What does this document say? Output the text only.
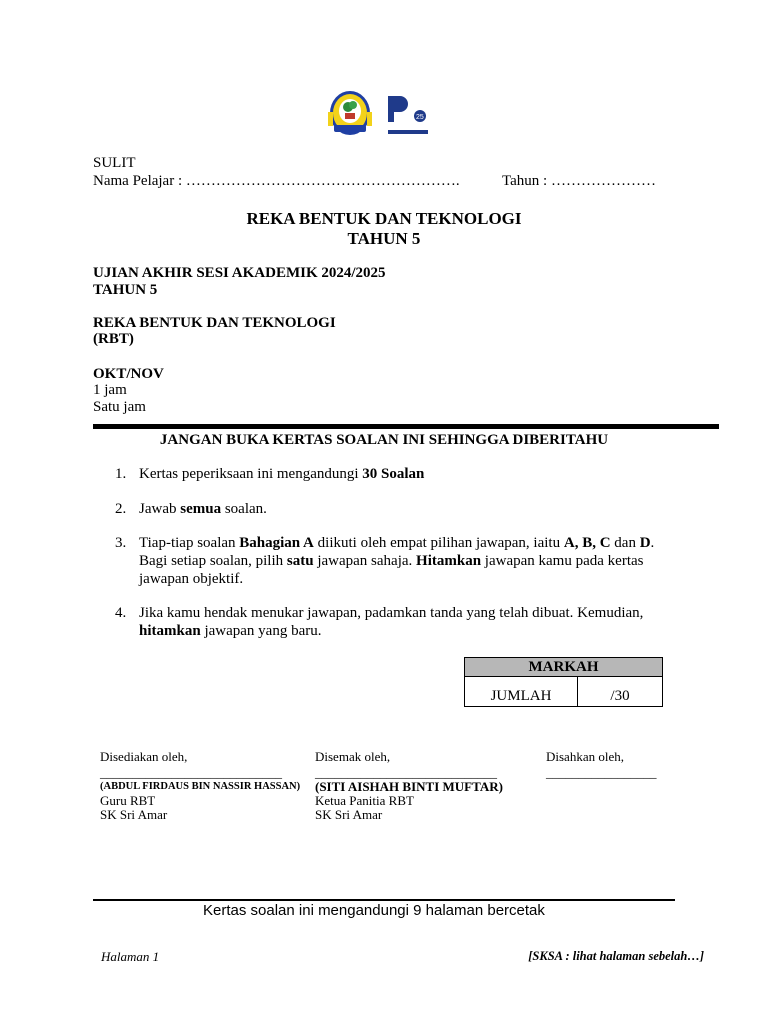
25
SULIT
Nama Pelajar : ……………………………………………….	Tahun : …………………
REKA BENTUK DAN TEKNOLOGI
TAHUN 5
UJIAN AKHIR SESI AKADEMIK 2024/2025
TAHUN 5
REKA BENTUK DAN TEKNOLOGI
(RBT)
OKT/NOV
1 jam
Satu jam
JANGAN BUKA KERTAS SOALAN INI SEHINGGA DIBERITAHU
1. Kertas peperiksaan ini mengandungi 30 Soalan
2. Jawab semua soalan.
3. Tiap-tiap soalan Bahagian A diikuti oleh empat pilihan jawapan, iaitu A, B, C dan D. Bagi setiap soalan, pilih satu jawapan sahaja. Hitamkan jawapan kamu pada kertas jawapan objektif.
4. Jika kamu hendak menukar jawapan, padamkan tanda yang telah dibuat. Kemudian, hitamkan jawapan yang baru.
MARKAH
JUMLAH	/30
Disediakan oleh,
____________________________
(ABDUL FIRDAUS BIN NASSIR HASSAN)
Guru RBT
SK Sri Amar
Disemak oleh,
____________________________
(SITI AISHAH BINTI MUFTAR)
Ketua Panitia RBT
SK Sri Amar
Disahkan oleh,
_________________
Kertas soalan ini mengandungi 9 halaman bercetak
Halaman 1	[SKSA : lihat halaman sebelah…]
